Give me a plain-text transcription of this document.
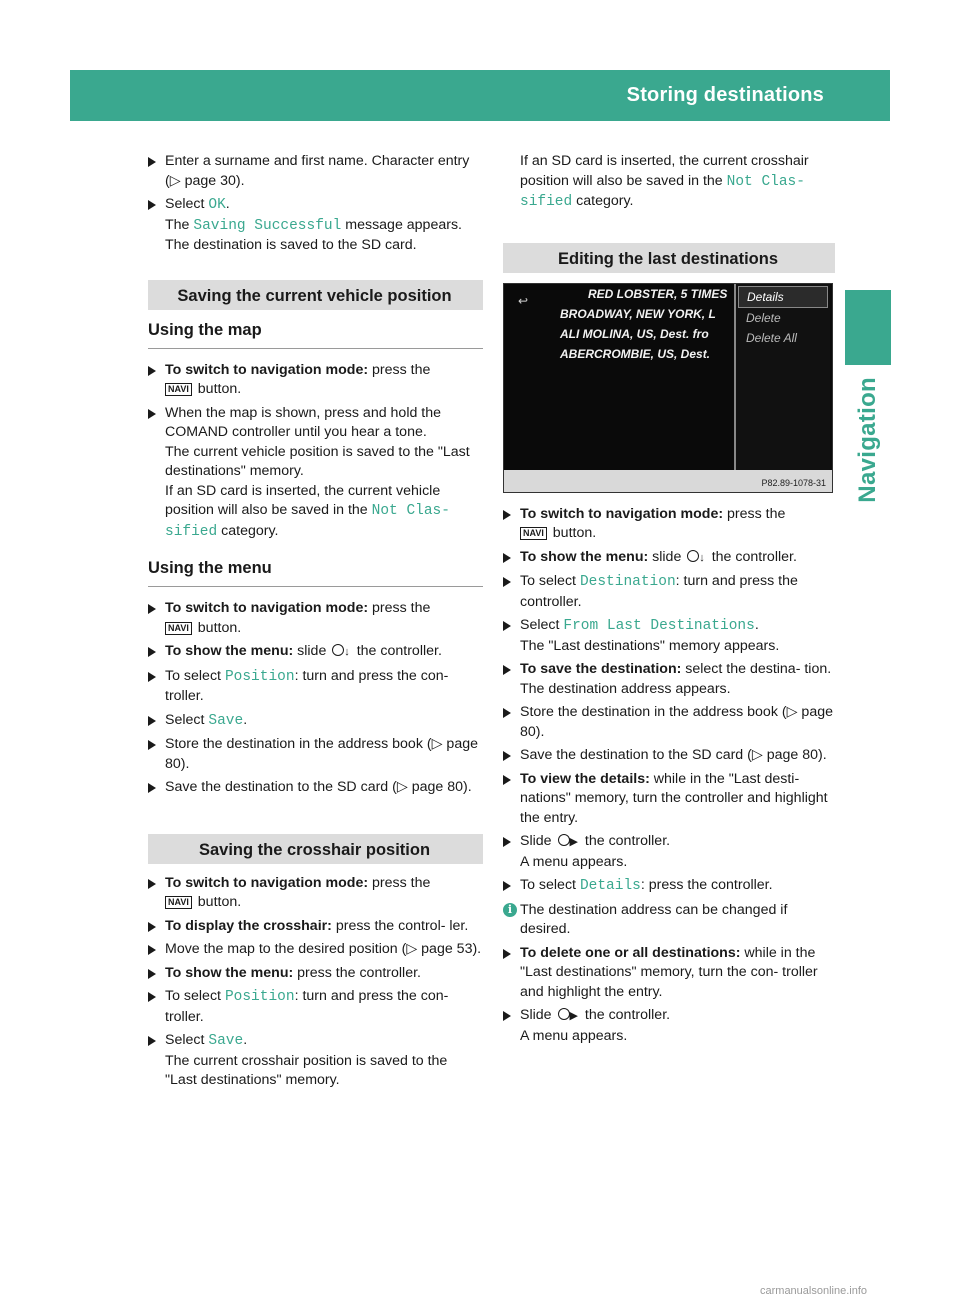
Storing destinations	81
Navigation

Enter a surname and first name. Character entry (▷ page 30).

Select OK.
The Saving Successful message appears.
The destination is saved to the SD card.

Saving the current vehicle position
Using the map

To switch to navigation mode: press the
NAVI button.

When the map is shown, press and hold the COMAND controller until you hear a tone.
The current vehicle position is saved to the "Last destinations" memory.
If an SD card is inserted, the current vehicle position will also be saved in the Not Clas‐ sified category.

Using the menu

To switch to navigation mode: press the
NAVI button.

To show the menu: slide ↓ the controller.

To select Position: turn and press the con- troller.

Select Save.

Store the destination in the address book (▷ page 80).

Save the destination to the SD card (▷ page 80).

Saving the crosshair position

To switch to navigation mode: press the
NAVI button.

To display the crosshair: press the control- ler.

Move the map to the desired position (▷ page 53).

To show the menu: press the controller.

To select Position: turn and press the con- troller.

Select Save.
The current crosshair position is saved to the "Last destinations" memory.

If an SD card is inserted, the current crosshair position will also be saved in the Not Clas‐ sified category.

Editing the last destinations
↩	RED LOBSTER, 5 TIMES
BROADWAY, NEW YORK, L
ALI MOLINA, US, Dest. fro
ABERCROMBIE, US, Dest.
Details
Delete
Delete All
P82.89-1078-31

To switch to navigation mode: press the
NAVI button.

To show the menu: slide ↓ the controller.

To select Destination: turn and press the controller.

Select From Last Destinations.
The "Last destinations" memory appears.

To save the destination: select the destina- tion.
The destination address appears.

Store the destination in the address book (▷ page 80).

Save the destination to the SD card (▷ page 80).

To view the details: while in the "Last desti- nations" memory, turn the controller and highlight the entry.

Slide ▶ the controller.
A menu appears.

To select Details: press the controller.

i The destination address can be changed if desired.

To delete one or all destinations: while in the "Last destinations" memory, turn the con- troller and highlight the entry.

Slide ▶ the controller.
A menu appears.

carmanualsonline.info
